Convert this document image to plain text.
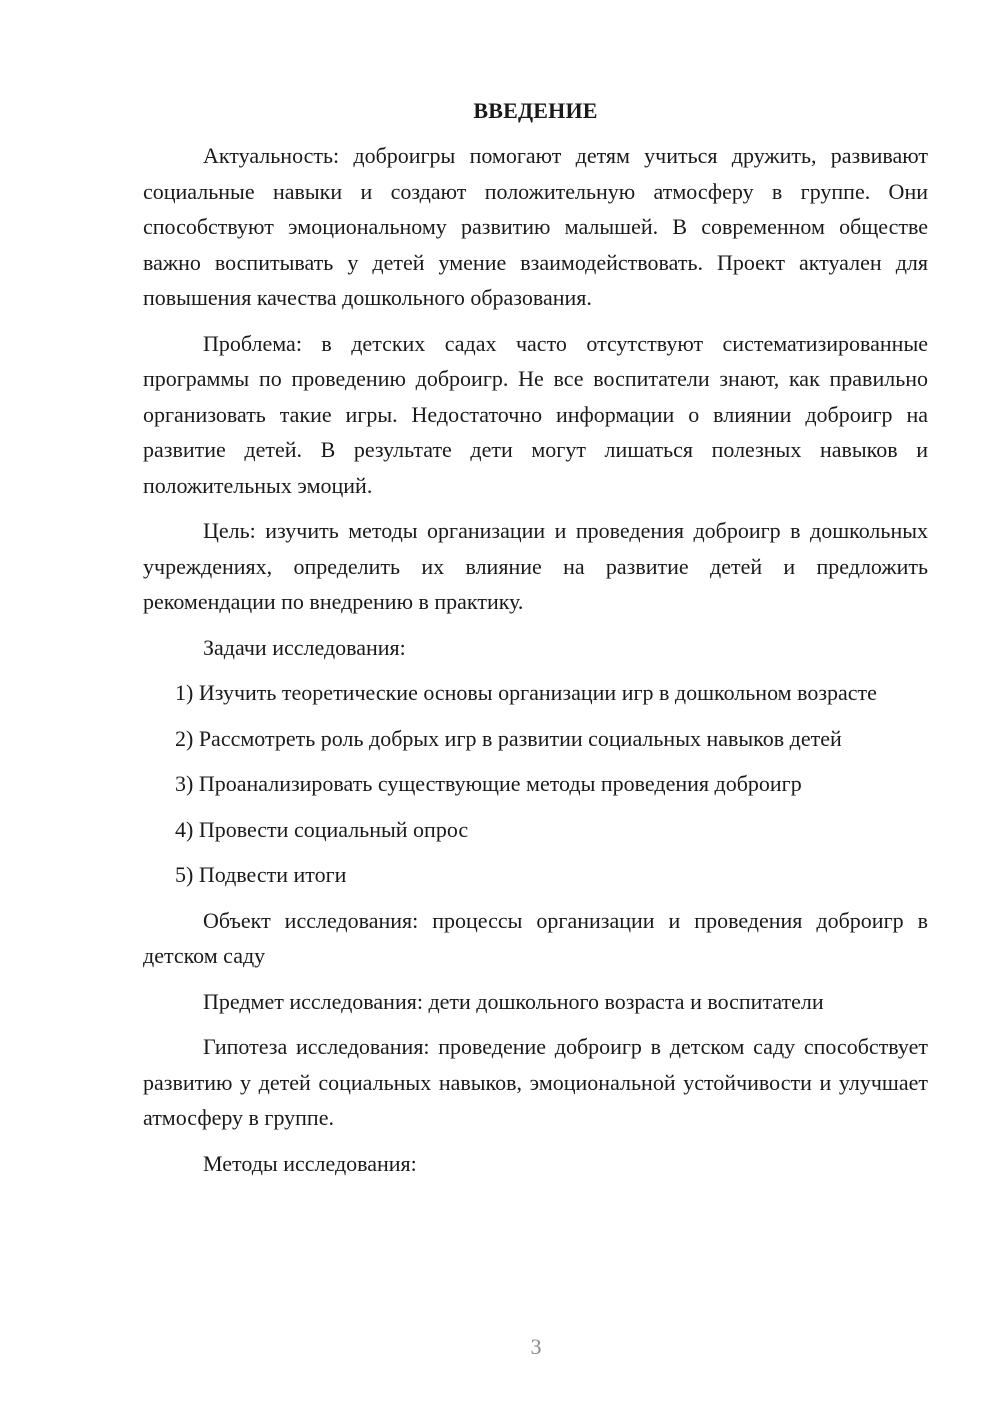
ВВЕДЕНИЕ

Актуальность: доброигры помогают детям учиться дружить, развивают социальные навыки и создают положительную атмосферу в группе. Они способствуют эмоциональному развитию малышей. В современном обществе важно воспитывать у детей умение взаимодействовать. Проект актуален для повышения качества дошкольного образования.

Проблема: в детских садах часто отсутствуют систематизированные программы по проведению доброигр. Не все воспитатели знают, как правильно организовать такие игры. Недостаточно информации о влиянии доброигр на развитие детей. В результате дети могут лишаться полезных навыков и положительных эмоций.

Цель: изучить методы организации и проведения доброигр в дошкольных учреждениях, определить их влияние на развитие детей и предложить рекомендации по внедрению в практику.

Задачи исследования:

1) Изучить теоретические основы организации игр в дошкольном возрасте

2) Рассмотреть роль добрых игр в развитии социальных навыков детей

3) Проанализировать существующие методы проведения доброигр

4) Провести социальный опрос

5) Подвести итоги

Объект исследования: процессы организации и проведения доброигр в детском саду

Предмет исследования: дети дошкольного возраста и воспитатели

Гипотеза исследования: проведение доброигр в детском саду способствует развитию у детей социальных навыков, эмоциональной устойчивости и улучшает атмосферу в группе.

Методы исследования:

3
